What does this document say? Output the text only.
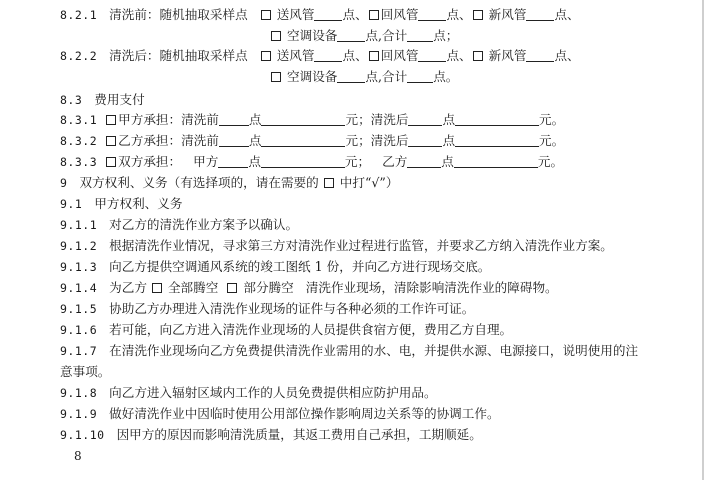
8.2.1 清洗前：随机抽取采样点 送风管 点、 回风管 点、 新风管 点、
空调设备 点,合计 点；
8.2.2 清洗后：随机抽取采样点 送风管 点、 回风管 点、 新风管 点、
空调设备 点,合计 点。
8.3 费用支付
8.3.1 甲方承担：清洗前 点	元；清洗后	点	元。
8.3.2 乙方承担：清洗前 点	元；清洗后	点	元。
8.3.3 双方承担： 甲方 点	元； 乙方	点	元。
9 双方权利、义务（有选择项的，请在需要的 中打“√”）
9.1 甲方权利、义务
9.1.1 对乙方的清洗作业方案予以确认。
9.1.2 根据清洗作业情况，寻求第三方对清洗作业过程进行监管，并要求乙方纳入清洗作业方案。
9.1.3 向乙方提供空调通风系统的竣工图纸 1 份，并向乙方进行现场交底。
9.1.4 为乙方 全部腾空 部分腾空 清洗作业现场，清除影响清洗作业的障碍物。
9.1.5 协助乙方办理进入清洗作业现场的证件与各种必须的工作许可证。
9.1.6 若可能，向乙方进入清洗作业现场的人员提供食宿方便，费用乙方自理。
9.1.7 在清洗作业现场向乙方免费提供清洗作业需用的水、电，并提供水源、电源接口，说明使用的注
意事项。
9.1.8 向乙方进入辐射区域内工作的人员免费提供相应防护用品。
9.1.9 做好清洗作业中因临时使用公用部位操作影响周边关系等的协调工作。
9.1.10 因甲方的原因而影响清洗质量，其返工费用自己承担，工期顺延。
8
